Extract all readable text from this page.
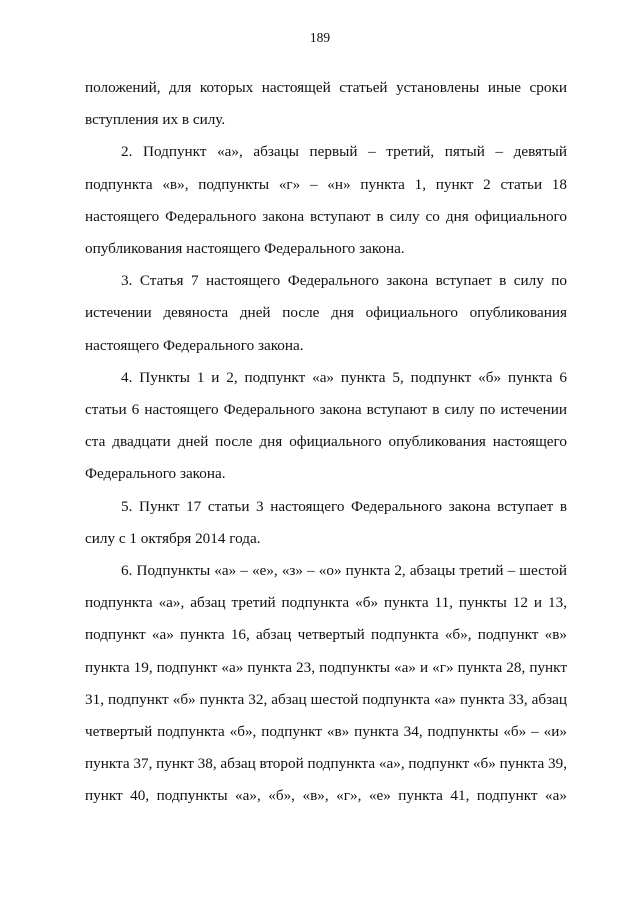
189
положений, для которых настоящей статьей установлены иные сроки
вступления их в силу.
2. Подпункт «а», абзацы первый – третий, пятый – девятый
подпункта «в», подпункты «г» – «н» пункта 1, пункт 2 статьи 18
настоящего Федерального закона вступают в силу со дня официального
опубликования настоящего Федерального закона.
3. Статья 7 настоящего Федерального закона вступает в силу по
истечении девяноста дней после дня официального опубликования
настоящего Федерального закона.
4. Пункты 1 и 2, подпункт «а» пункта 5, подпункт «б» пункта 6
статьи 6 настоящего Федерального закона вступают в силу по истечении
ста двадцати дней после дня официального опубликования настоящего
Федерального закона.
5. Пункт 17 статьи 3 настоящего Федерального закона вступает в
силу с 1 октября 2014 года.
6. Подпункты «а» – «е», «з» – «о» пункта 2, абзацы третий – шестой
подпункта «а», абзац третий подпункта «б» пункта 11, пункты 12 и 13,
подпункт «а» пункта 16, абзац четвертый подпункта «б», подпункт «в»
пункта 19, подпункт «а» пункта 23, подпункты «а» и «г» пункта 28, пункт
31, подпункт «б» пункта 32, абзац шестой подпункта «а» пункта 33, абзац
четвертый подпункта «б», подпункт «в» пункта 34, подпункты «б» – «и»
пункта 37, пункт 38, абзац второй подпункта «а», подпункт «б» пункта 39,
пункт 40, подпункты «а», «б», «в», «г», «е» пункта 41, подпункт «а»
